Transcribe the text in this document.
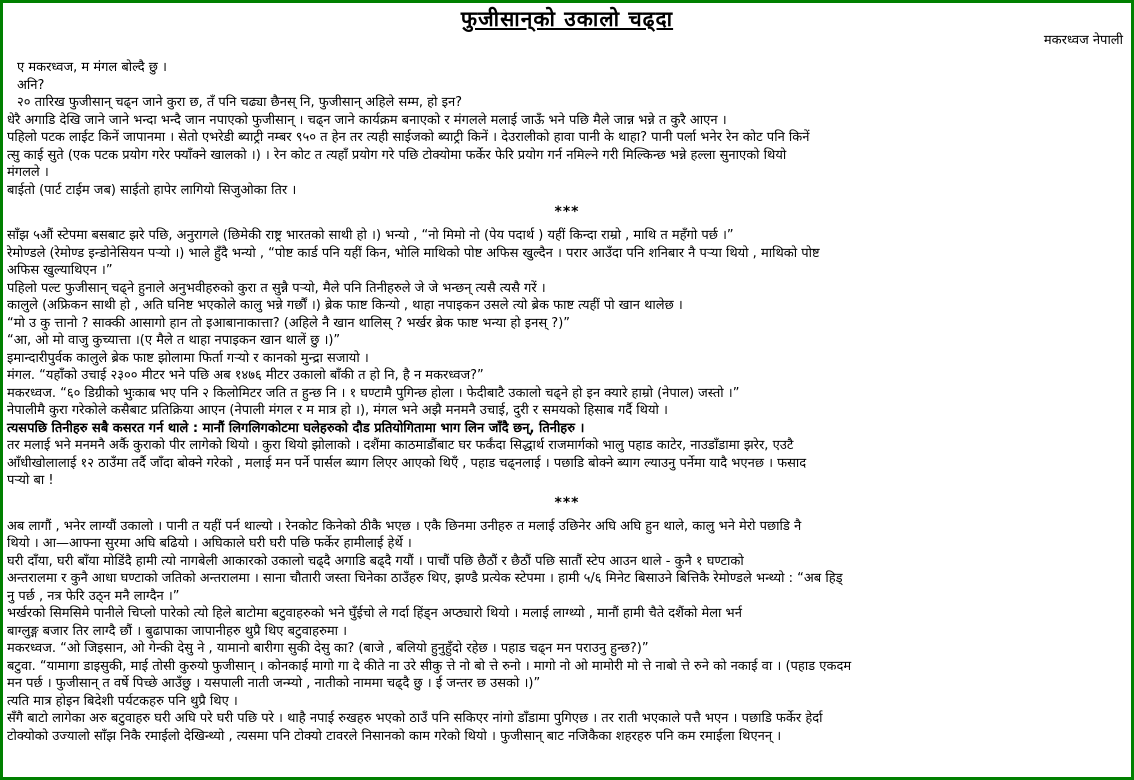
फुजीसान्‌को उकालो चढ्दा
मकरध्वज नेपाली
ए मकरध्वज, म मंगल बोल्दै छु ।
अनि?
२० तारिख फुजीसान् चढ्न जाने कुरा छ, तँ पनि चढ्या छैनस् नि, फुजीसान् अहिले सम्म, हो इन?
धेरै अगाडि देखि जाने जाने भन्दा भन्दै जान नपाएको फुजीसान् । चढ्न जाने कार्यक्रम बनाएको र मंगलले मलाई जाऊँ भने पछि मैले जान्न भन्ने त कुरै आएन ।
पहिलो पटक लाईट किनें जापानमा । सेतो एभरेडी ब्याट्री नम्बर ९५० त हेन तर त्यही साईजको ब्याट्री किनें । देउरालीको हावा पानी के थाहा? पानी पर्ला भनेर रेन कोट पनि किनें
त्सु काई सुते (एक पटक प्रयोग गरेर फ्याँक्ने खालको ।) । रेन कोट त त्यहाँ प्रयोग गरे पछि टोक्योमा फर्केर फेरि प्रयोग गर्न नमिल्ने गरी मिल्किन्छ भन्ने हल्ला सुनाएको थियो
मंगलले ।
बाईतो (पार्ट टाईम जब) साईतो हापेर लागियो सिजुओका तिर ।
***
साँझ ५औं स्टेपमा बसबाट झरे पछि, अनुरागले (छिमेकी राष्ट्र भारतको साथी हो ।) भन्यो , “नो मिमो नो (पेय पदार्थ ) यहीं किन्दा राम्रो , माथि त महँगो पर्छ ।”
रेमोण्डले (रेमोण्ड इन्डोनेसियन पऱ्यो ।) भाले हुँदै भन्यो , “पोष्ट कार्ड पनि यहीं किन, भोलि माथिको पोष्ट अफिस खुल्दैन । परार आउँदा पनि शनिबार नै पऱ्या थियो , माथिको पोष्ट
अफिस खुल्याथिएन ।”
पहिलो पल्ट फुजीसान् चढ्ने हुनाले अनुभवीहरुको कुरा त सुन्नै पऱ्यो, मैले पनि तिनीहरुले जे जे भन्छन् त्यसै त्यसै गरें ।
कालुले (अफ्रिकन साथी हो , अति घनिष्ट भएकोले कालु भन्ने गर्छौं ।) ब्रेक फाष्ट किन्यो , थाहा नपाइकन उसले त्यो ब्रेक फाष्ट त्यहीं पो खान थालेछ ।
“मो उ कु त्तानो ? साक्की आसागो हान तो इआबानाकात्ता? (अहिले नै खान थालिस् ? भर्खर ब्रेक फाष्ट भन्या हो इनस् ?)”
“आ, ओ मो वाजु कुच्यात्ता ।(ए मैले त थाहा नपाइकन खान थालें छु ।)”
इमान्दारीपुर्वक कालुले ब्रेक फाष्ट झोलामा फिर्ता गऱ्यो र कानको मुन्द्रा सजायो ।
मंगल. “यहाँको उचाई २३०० मीटर भने पछि अब १४७६ मीटर उकालो बाँकी त हो नि, है न मकरध्वज?”
मकरध्वज. “६० डिग्रीको भुःकाब भए पनि २ किलोमिटर जति त हुन्छ नि । १ घण्टामै पुगिन्छ होला । फेदीबाटै उकालो चढ्ने हो इन क्यारे हाम्रो (नेपाल) जस्तो ।”
नेपालीमै कुरा गरेकोले कसैबाट प्रतिक्रिया आएन (नेपाली मंगल र म मात्र हो ।), मंगल भने अझै मनमनै उचाई, दुरी र समयको हिसाब गर्दै थियो ।
त्यसपछि तिनीहरु सबै कसरत गर्न थाले : मानौं लिगलिगकोटमा घलेहरुको दौड प्रतियोगितामा भाग लिन जाँदै छन्, तिनीहरु ।
तर मलाई भने मनमनै अर्कै कुराको पीर लागेको थियो । कुरा थियो झोलाको । दशैंमा काठमाडौंबाट घर फर्कंदा सिद्धार्थ राजमार्गको भालु पहाड काटेर, नाउडाँडामा झरेर, एउटै
आँधीखोलालाई १२ ठाउँमा तर्दै जाँदा बोक्ने गरेको , मलाई मन पर्ने पार्सल ब्याग लिएर आएको थिएँ , पहाड चढ्नलाई । पछाडि बोक्ने ब्याग ल्याउनु पर्नेमा यादै भएनछ । फसाद
पऱ्यो बा !
***
अब लागौं , भनेर लाग्यौं उकालो । पानी त यहीं पर्न थाल्यो । रेनकोट किनेको ठीकै भएछ । एकै छिनमा उनीहरु त मलाई उछिनेर अघि अघि हुन थाले, कालु भने मेरो पछाडि नै
थियो । आ—आफ्ना सुरमा अघि बढियो । अघिकाले घरी घरी पछि फर्केर हामीलाई हेर्थे ।
घरी दाँया, घरी बाँया मोडिंदै हामी त्यो नागबेली आकारको उकालो चढ्दै अगाडि बढ्दै गयौं । पाचौं पछि छैठौं र छैठौं पछि सातौं स्टेप आउन थाले - कुनै १ घण्टाको
अन्तरालमा र कुनै आधा घण्टाको जतिको अन्तरालमा । साना चौतारी जस्ता चिनेका ठाउँहरु थिए, झण्डै प्रत्येक स्टेपमा । हामी ५/६ मिनेट बिसाउने बित्तिकै रेमोण्डले भन्थ्यो : “अब हिड्
नु पर्छ , नत्र फेरि उठ्न मनै लाग्दैन ।”
भर्खरको सिमसिमे पानीले चिप्लो पारेको त्यो हिले बाटोमा बटुवाहरुको भने घुँईचो ले गर्दा हिंड्न अप्ठ्यारो थियो । मलाई लाग्थ्यो , मानौं हामी चैते दशैंको मेला भर्न
बाग्लुङ्ग बजार तिर लाग्दै छौं । बुढापाका जापानीहरु थुप्रै थिए बटुवाहरुमा ।
मकरध्वज. “ओ जिइसान, ओ गेन्की देसु ने , यामानो बारीगा सुकी देसु का? (बाजे , बलियो हुनुहुँदो रहेछ । पहाड चढ्न मन पराउनु हुन्छ?)”
बटुवा. “यामागा डाइसुकी, माई तोसी कुरुयो फुजीसान् । कोनकाई मागो गा दे कीते ना उरे सीकु त्ते नो बो त्ते रुनो । मागो नो ओ मामोरी मो त्ते नाबो त्ते रुने को नकाई वा । (पहाड एकदम
मन पर्छ । फुजीसान् त वर्षे पिच्छे आउँछु । यसपाली नाती जन्म्यो , नातीको नाममा चढ्दै छु । ई जन्तर छ उसको ।)”
त्यति मात्र होइन बिदेशी पर्यटकहरु पनि थुप्रै थिए ।
सँगै बाटो लागेका अरु बटुवाहरु घरी अघि परे घरी पछि परे । थाहै नपाई रुखहरु भएको ठाउँ पनि सकिएर नांगो डाँडामा पुगिएछ । तर राती भएकाले पत्तै भएन । पछाडि फर्केर हेर्दा
टोक्योको उज्यालो साँझ निकै रमाईलो देखिन्थ्यो , त्यसमा पनि टोक्यो टावरले निसानको काम गरेको थियो । फुजीसान् बाट नजिकैका शहरहरु पनि कम रमाईला थिएनन् ।
